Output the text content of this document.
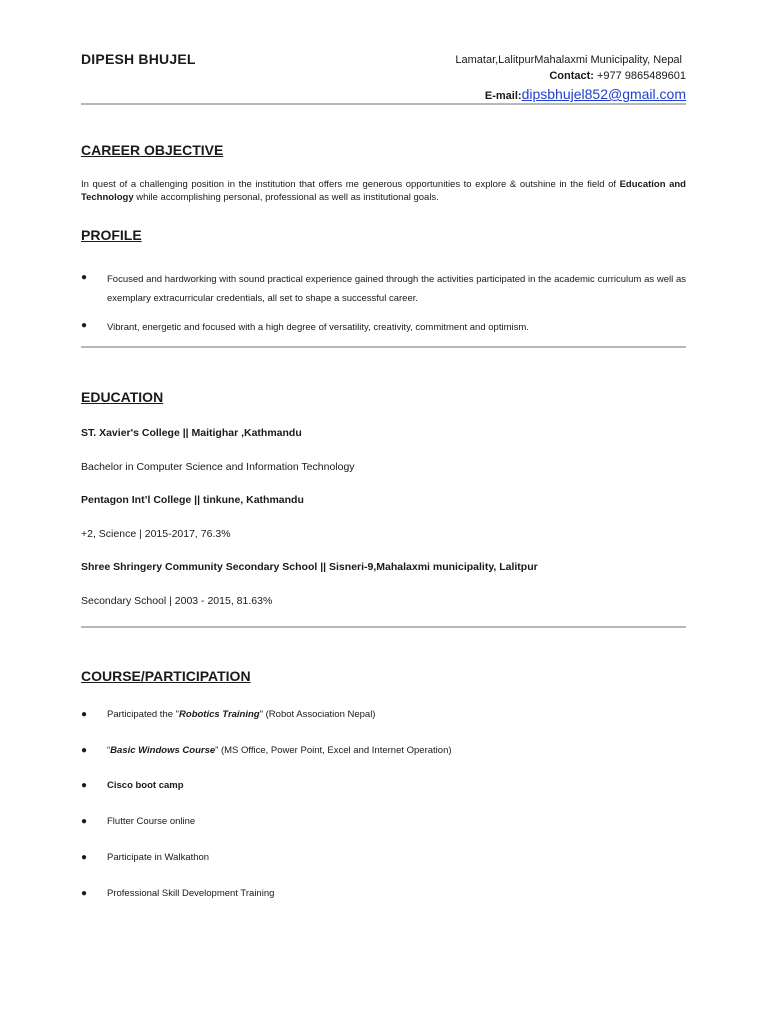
DIPESH BHUJEL	Lamatar,LalitpurMahalaxmi Municipality, Nepal
Contact: +977 9865489601
E-mail:dipsbhujel852@gmail.com
CAREER OBJECTIVE
In quest of a challenging position in the institution that offers me generous opportunities to explore & outshine in the field of Education and Technology while accomplishing personal, professional as well as institutional goals.
PROFILE
● Focused and hardworking with sound practical experience gained through the activities participated in the academic curriculum as well as exemplary extracurricular credentials, all set to shape a successful career.
● Vibrant, energetic and focused with a high degree of versatility, creativity, commitment and optimism.
EDUCATION
ST. Xavier's College || Maitighar ,Kathmandu
Bachelor in Computer Science and Information Technology
Pentagon Int’l College || tinkune, Kathmandu
+2, Science | 2015-2017, 76.3%
Shree Shringery Community Secondary School || Sisneri-9,Mahalaxmi municipality, Lalitpur
Secondary School | 2003 - 2015, 81.63%
COURSE/PARTICIPATION
● Participated the "Robotics Training" (Robot Association Nepal)
● “Basic Windows Course” (MS Office, Power Point, Excel and Internet Operation)
● Cisco boot camp
● Flutter Course online
● Participate in Walkathon
● Professional Skill Development Training
